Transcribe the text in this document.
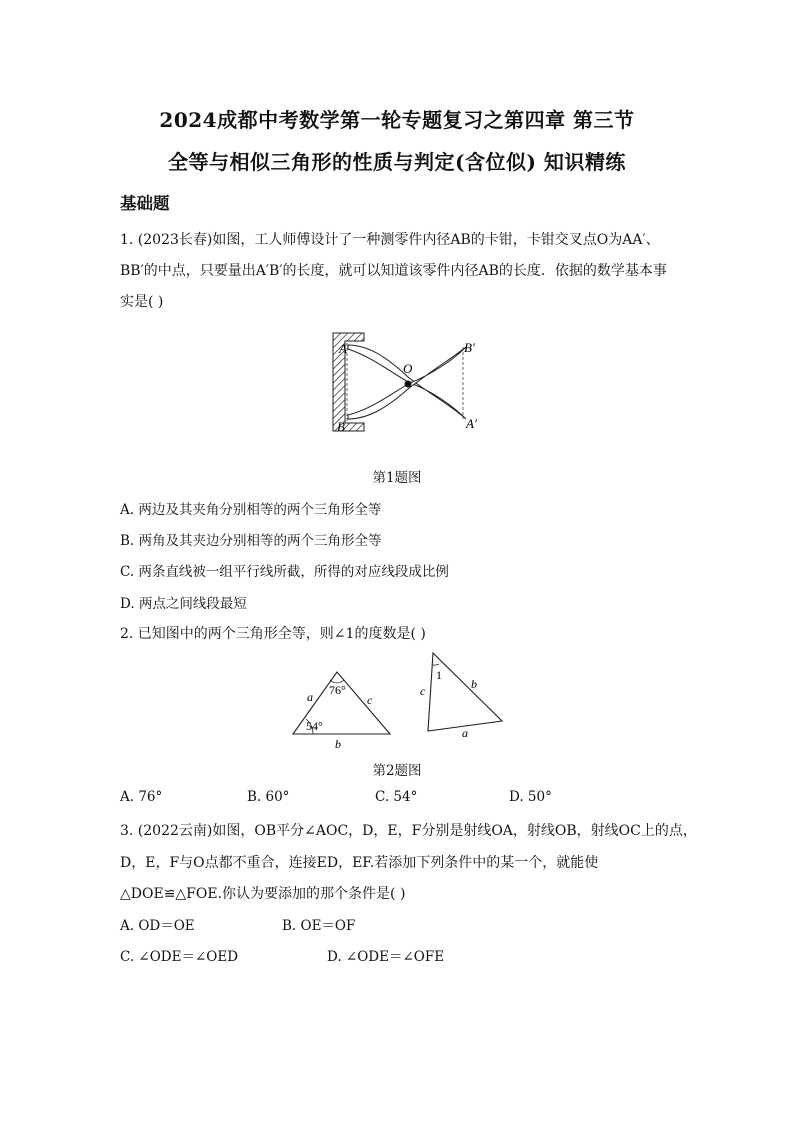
2024成都中考数学第一轮专题复习之第四章 第三节
全等与相似三角形的性质与判定(含位似) 知识精练
基础题
1. (2023长春)如图，工人师傅设计了一种测零件内径AB的卡钳，卡钳交叉点O为AA′、
BB′的中点，只要量出A′B′的长度，就可以知道该零件内径AB的长度．依据的数学基本事
实是( )
A
B
O
B′
A′
第1题图
A. 两边及其夹角分别相等的两个三角形全等
B. 两角及其夹边分别相等的两个三角形全等
C. 两条直线被一组平行线所截，所得的对应线段成比例
D. 两点之间线段最短
2. 已知图中的两个三角形全等，则∠1的度数是( )
a	c
b
76°
54°
1
c	b
a
第2题图
A. 76°	B. 60°	C. 54°	D. 50°
3. (2022云南)如图，OB平分∠AOC，D，E，F分别是射线OA，射线OB，射线OC上的点，
D，E，F与O点都不重合，连接ED，EF.若添加下列条件中的某一个，就能使
△DOE≌△FOE.你认为要添加的那个条件是( )
A. OD＝OE	B. OE＝OF
C. ∠ODE＝∠OED	D. ∠ODE＝∠OFE
